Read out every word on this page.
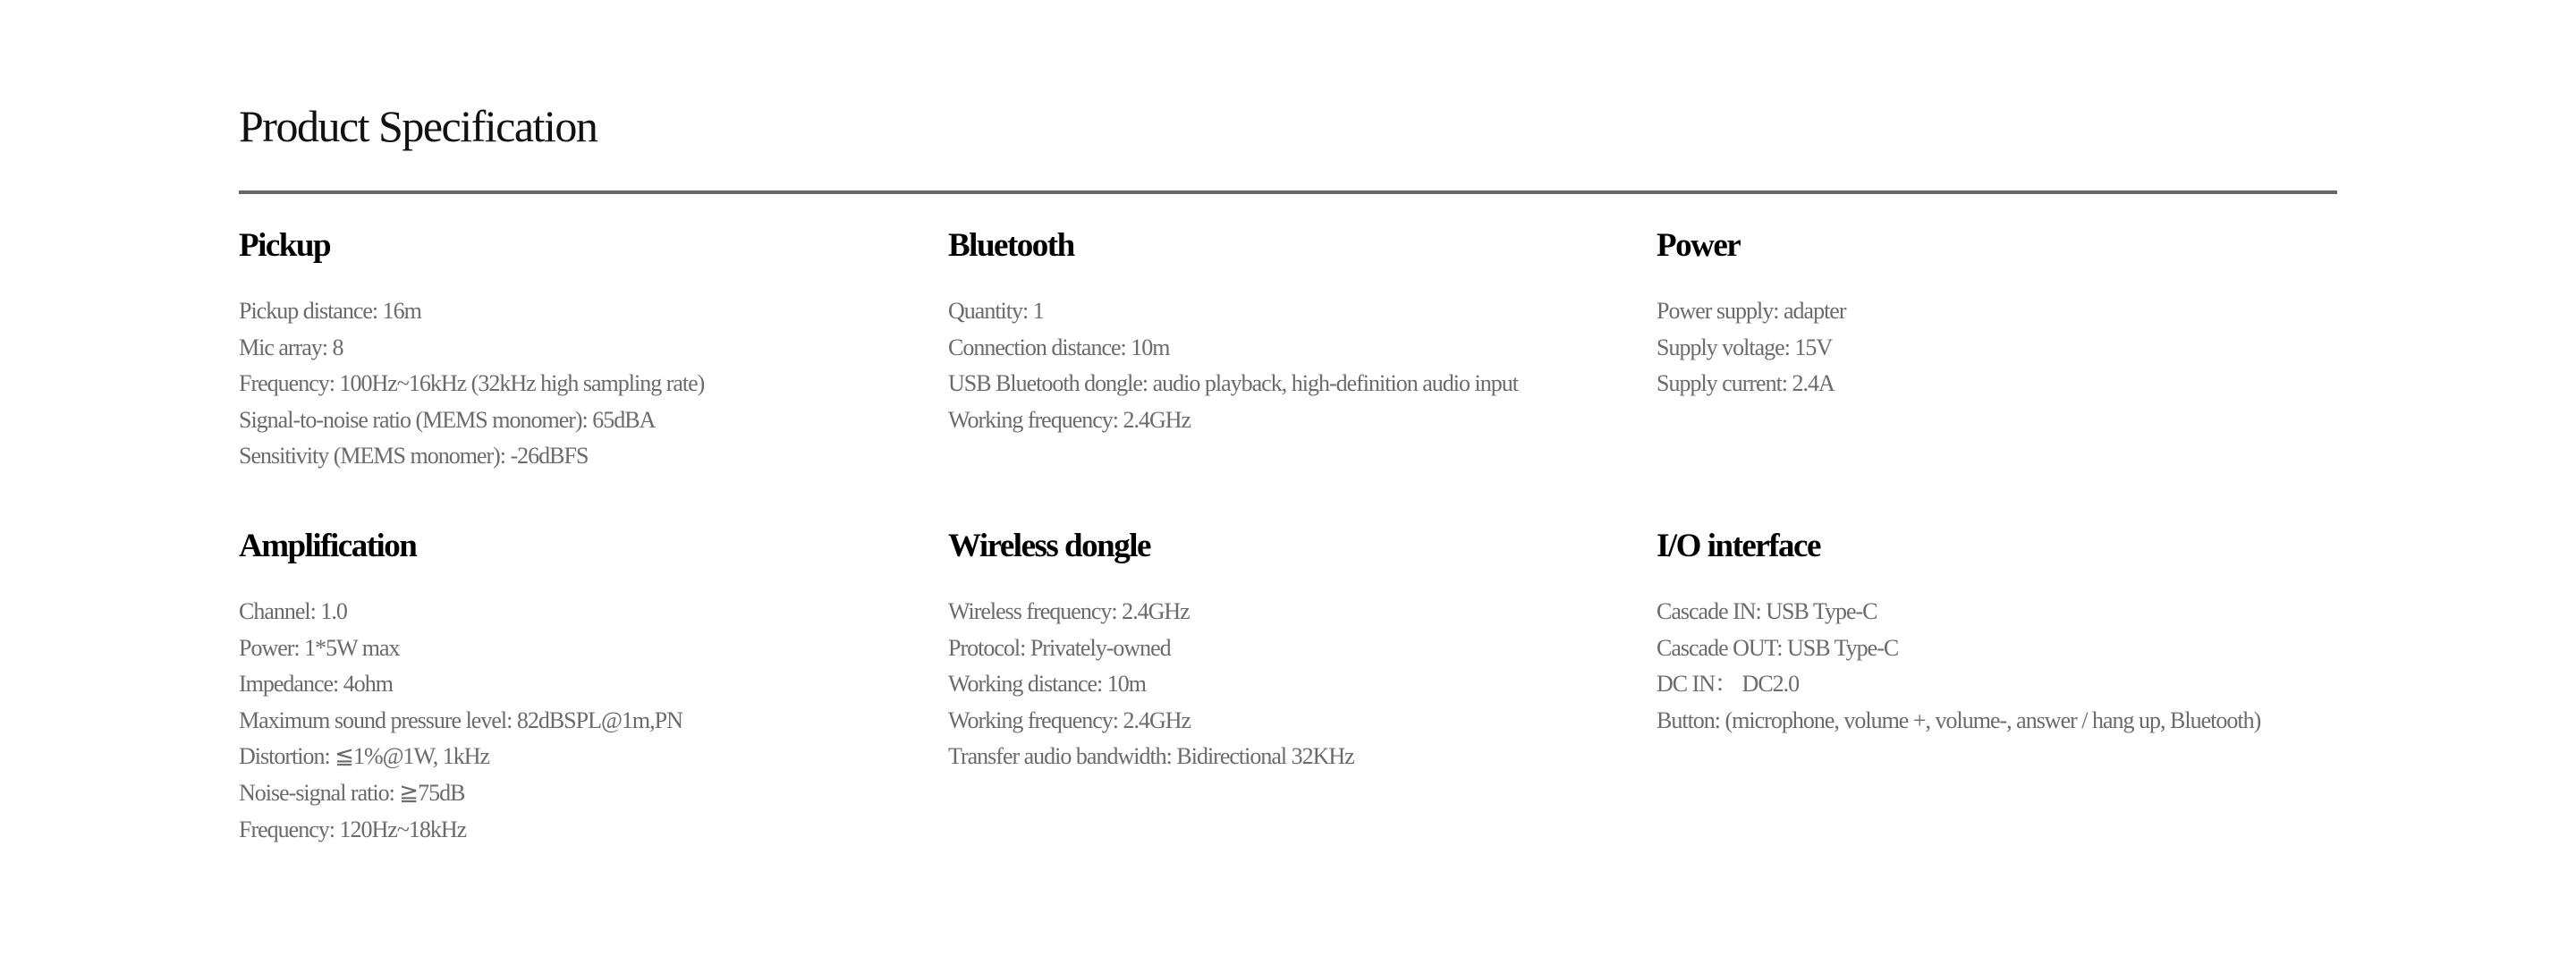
Product Specification
Pickup
Pickup distance: 16m
Mic array: 8
Frequency: 100Hz~16kHz (32kHz high sampling rate)
Signal-to-noise ratio (MEMS monomer): 65dBA
Sensitivity (MEMS monomer): -26dBFS
Bluetooth
Quantity: 1
Connection distance: 10m
USB Bluetooth dongle: audio playback, high-definition audio input
Working frequency: 2.4GHz
Power
Power supply: adapter
Supply voltage: 15V
Supply current: 2.4A
Amplification
Channel: 1.0
Power: 1*5W max
Impedance: 4ohm
Maximum sound pressure level: 82dBSPL@1m,PN
Distortion: ≦1%@1W, 1kHz
Noise-signal ratio: ≧75dB
Frequency: 120Hz~18kHz
Wireless dongle
Wireless frequency: 2.4GHz
Protocol: Privately-owned
Working distance: 10m
Working frequency: 2.4GHz
Transfer audio bandwidth: Bidirectional 32KHz
I/O interface
Cascade IN: USB Type-C
Cascade OUT: USB Type-C
DC IN： DC2.0
Button: (microphone, volume +, volume-, answer / hang up, Bluetooth)
